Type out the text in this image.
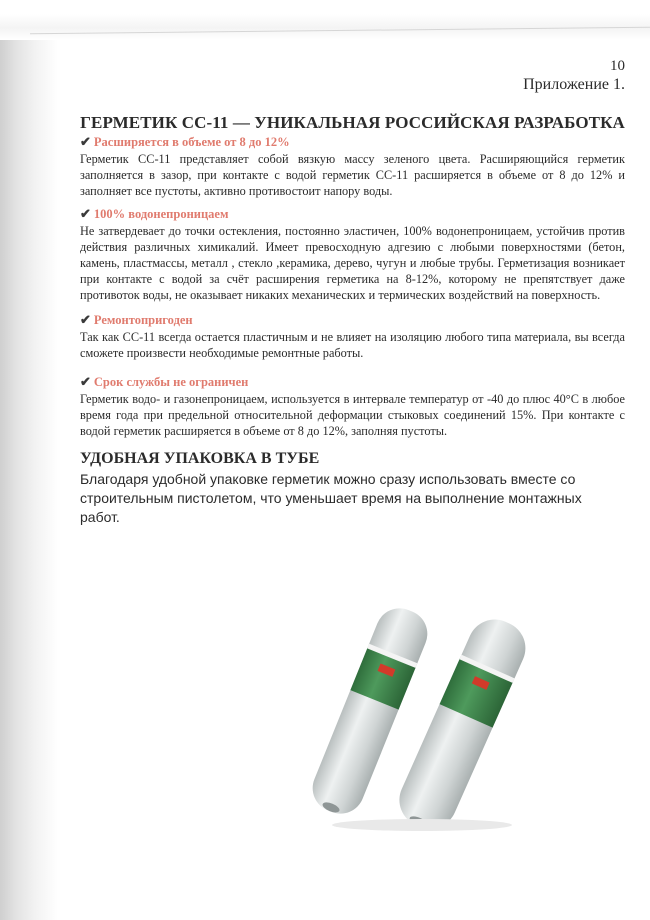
10
Приложение 1.
ГЕРМЕТИК СС-11 — УНИКАЛЬНАЯ РОССИЙСКАЯ РАЗРАБОТКА
✔ Расширяется в объеме от 8 до 12%
Герметик СС-11 представляет собой вязкую массу зеленого цвета. Расширяющийся герметик заполняется в зазор, при контакте с водой герметик СС-11 расширяется в объеме от 8 до 12% и заполняет все пустоты, активно противостоит напору воды.
✔ 100% водонепроницаем
Не затвердевает до точки остекления, постоянно эластичен, 100% водонепроницаем, устойчив против действия различных химикалий. Имеет превосходную адгезию с любыми поверхностями (бетон, камень, пластмассы, металл , стекло ,керамика, дерево, чугун и любые трубы. Герметизация возникает при контакте с водой за счёт расширения герметика на 8-12%, которому не препятствует даже противоток воды, не оказывает никаких механических и термических воздействий на поверхность.
✔ Ремонтопригоден
Так как СС-11 всегда остается пластичным и не влияет на изоляцию любого типа материала, вы всегда сможете произвести необходимые ремонтные работы.
✔ Срок службы не ограничен
Герметик водо- и газонепроницаем, используется в интервале температур от -40 до плюс 40°С в любое время года при предельной относительной деформации стыковых соединений 15%. При контакте с водой герметик расширяется в объеме от 8 до 12%, заполняя пустоты.
УДОБНАЯ УПАКОВКА В ТУБЕ
Благодаря удобной упаковке герметик можно сразу использовать вместе со строительным пистолетом, что уменьшает время на выполнение монтажных работ.
